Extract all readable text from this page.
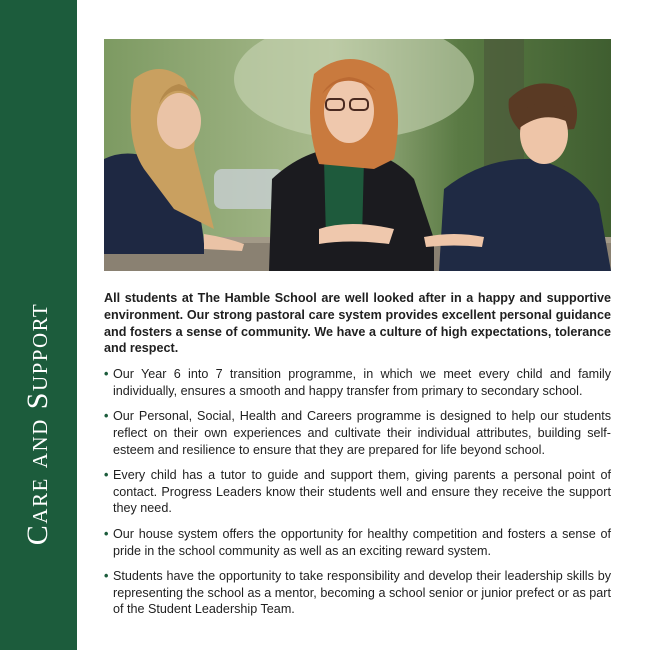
Care and Support

All students at The Hamble School are well looked after in a happy and supportive environment. Our strong pastoral care system provides excellent personal guidance and fosters a sense of community. We have a culture of high expectations, tolerance and respect.

• Our Year 6 into 7 transition programme, in which we meet every child and family individually, ensures a smooth and happy transfer from primary to secondary school.
• Our Personal, Social, Health and Careers programme is designed to help our students reflect on their own experiences and cultivate their individual attributes, building self-esteem and resilience to ensure that they are prepared for life beyond school.
• Every child has a tutor to guide and support them, giving parents a personal point of contact. Progress Leaders know their students well and ensure they receive the support they need.
• Our house system offers the opportunity for healthy competition and fosters a sense of pride in the school community as well as an exciting reward system.
• Students have the opportunity to take responsibility and develop their leadership skills by representing the school as a mentor, becoming a school senior or junior prefect or as part of the Student Leadership Team.
